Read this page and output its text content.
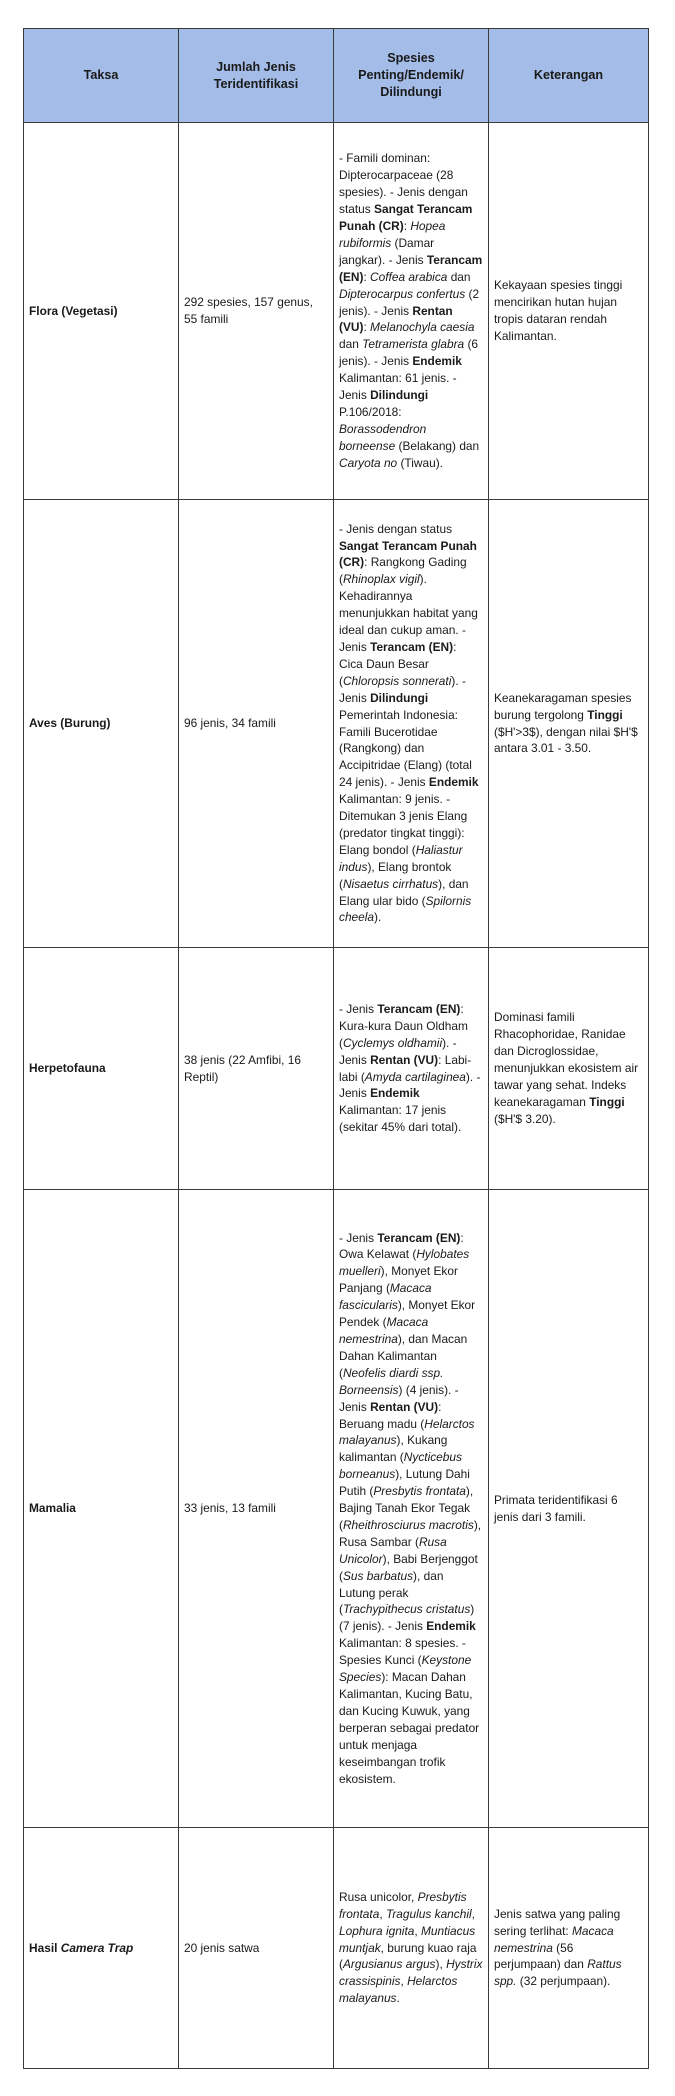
Taksa	Jumlah Jenis Teridentifikasi	Spesies Penting/Endemik/ Dilindungi	Keterangan
Flora (Vegetasi)	292 spesies, 157 genus, 55 famili	- Famili dominan: Dipterocarpaceae (28 spesies). - Jenis dengan status Sangat Terancam Punah (CR): Hopea rubiformis (Damar jangkar). - Jenis Terancam (EN): Coffea arabica dan Dipterocarpus confertus (2 jenis). - Jenis Rentan (VU): Melanochyla caesia dan Tetramerista glabra (6 jenis). - Jenis Endemik Kalimantan: 61 jenis. - Jenis Dilindungi P.106/2018: Borassodendron borneense (Belakang) dan Caryota no (Tiwau).	Kekayaan spesies tinggi mencirikan hutan hujan tropis dataran rendah Kalimantan.
Aves (Burung)	96 jenis, 34 famili	- Jenis dengan status Sangat Terancam Punah (CR): Rangkong Gading (Rhinoplax vigil). Kehadirannya menunjukkan habitat yang ideal dan cukup aman. - Jenis Terancam (EN): Cica Daun Besar (Chloropsis sonnerati). - Jenis Dilindungi Pemerintah Indonesia: Famili Bucerotidae (Rangkong) dan Accipitridae (Elang) (total 24 jenis). - Jenis Endemik Kalimantan: 9 jenis. - Ditemukan 3 jenis Elang (predator tingkat tinggi): Elang bondol (Haliastur indus), Elang brontok (Nisaetus cirrhatus), dan Elang ular bido (Spilornis cheela).	Keanekaragaman spesies burung tergolong Tinggi ($H'>3$), dengan nilai $H'$ antara 3.01 - 3.50.
Herpetofauna	38 jenis (22 Amfibi, 16 Reptil)	- Jenis Terancam (EN): Kura-kura Daun Oldham (Cyclemys oldhamii). - Jenis Rentan (VU): Labi-labi (Amyda cartilaginea). - Jenis Endemik Kalimantan: 17 jenis (sekitar 45% dari total).	Dominasi famili Rhacophoridae, Ranidae dan Dicroglossidae, menunjukkan ekosistem air tawar yang sehat. Indeks keanekaragaman Tinggi ($H'$ 3.20).
Mamalia	33 jenis, 13 famili	- Jenis Terancam (EN): Owa Kelawat (Hylobates muelleri), Monyet Ekor Panjang (Macaca fascicularis), Monyet Ekor Pendek (Macaca nemestrina), dan Macan Dahan Kalimantan (Neofelis diardi ssp. Borneensis) (4 jenis). - Jenis Rentan (VU): Beruang madu (Helarctos malayanus), Kukang kalimantan (Nycticebus borneanus), Lutung Dahi Putih (Presbytis frontata), Bajing Tanah Ekor Tegak (Rheithrosciurus macrotis), Rusa Sambar (Rusa Unicolor), Babi Berjenggot (Sus barbatus), dan Lutung perak (Trachypithecus cristatus) (7 jenis). - Jenis Endemik Kalimantan: 8 spesies. - Spesies Kunci (Keystone Species): Macan Dahan Kalimantan, Kucing Batu, dan Kucing Kuwuk, yang berperan sebagai predator untuk menjaga keseimbangan trofik ekosistem.	Primata teridentifikasi 6 jenis dari 3 famili.
Hasil Camera Trap	20 jenis satwa	Rusa unicolor, Presbytis frontata, Tragulus kanchil, Lophura ignita, Muntiacus muntjak, burung kuao raja (Argusianus argus), Hystrix crassispinis, Helarctos malayanus.	Jenis satwa yang paling sering terlihat: Macaca nemestrina (56 perjumpaan) dan Rattus spp. (32 perjumpaan).
